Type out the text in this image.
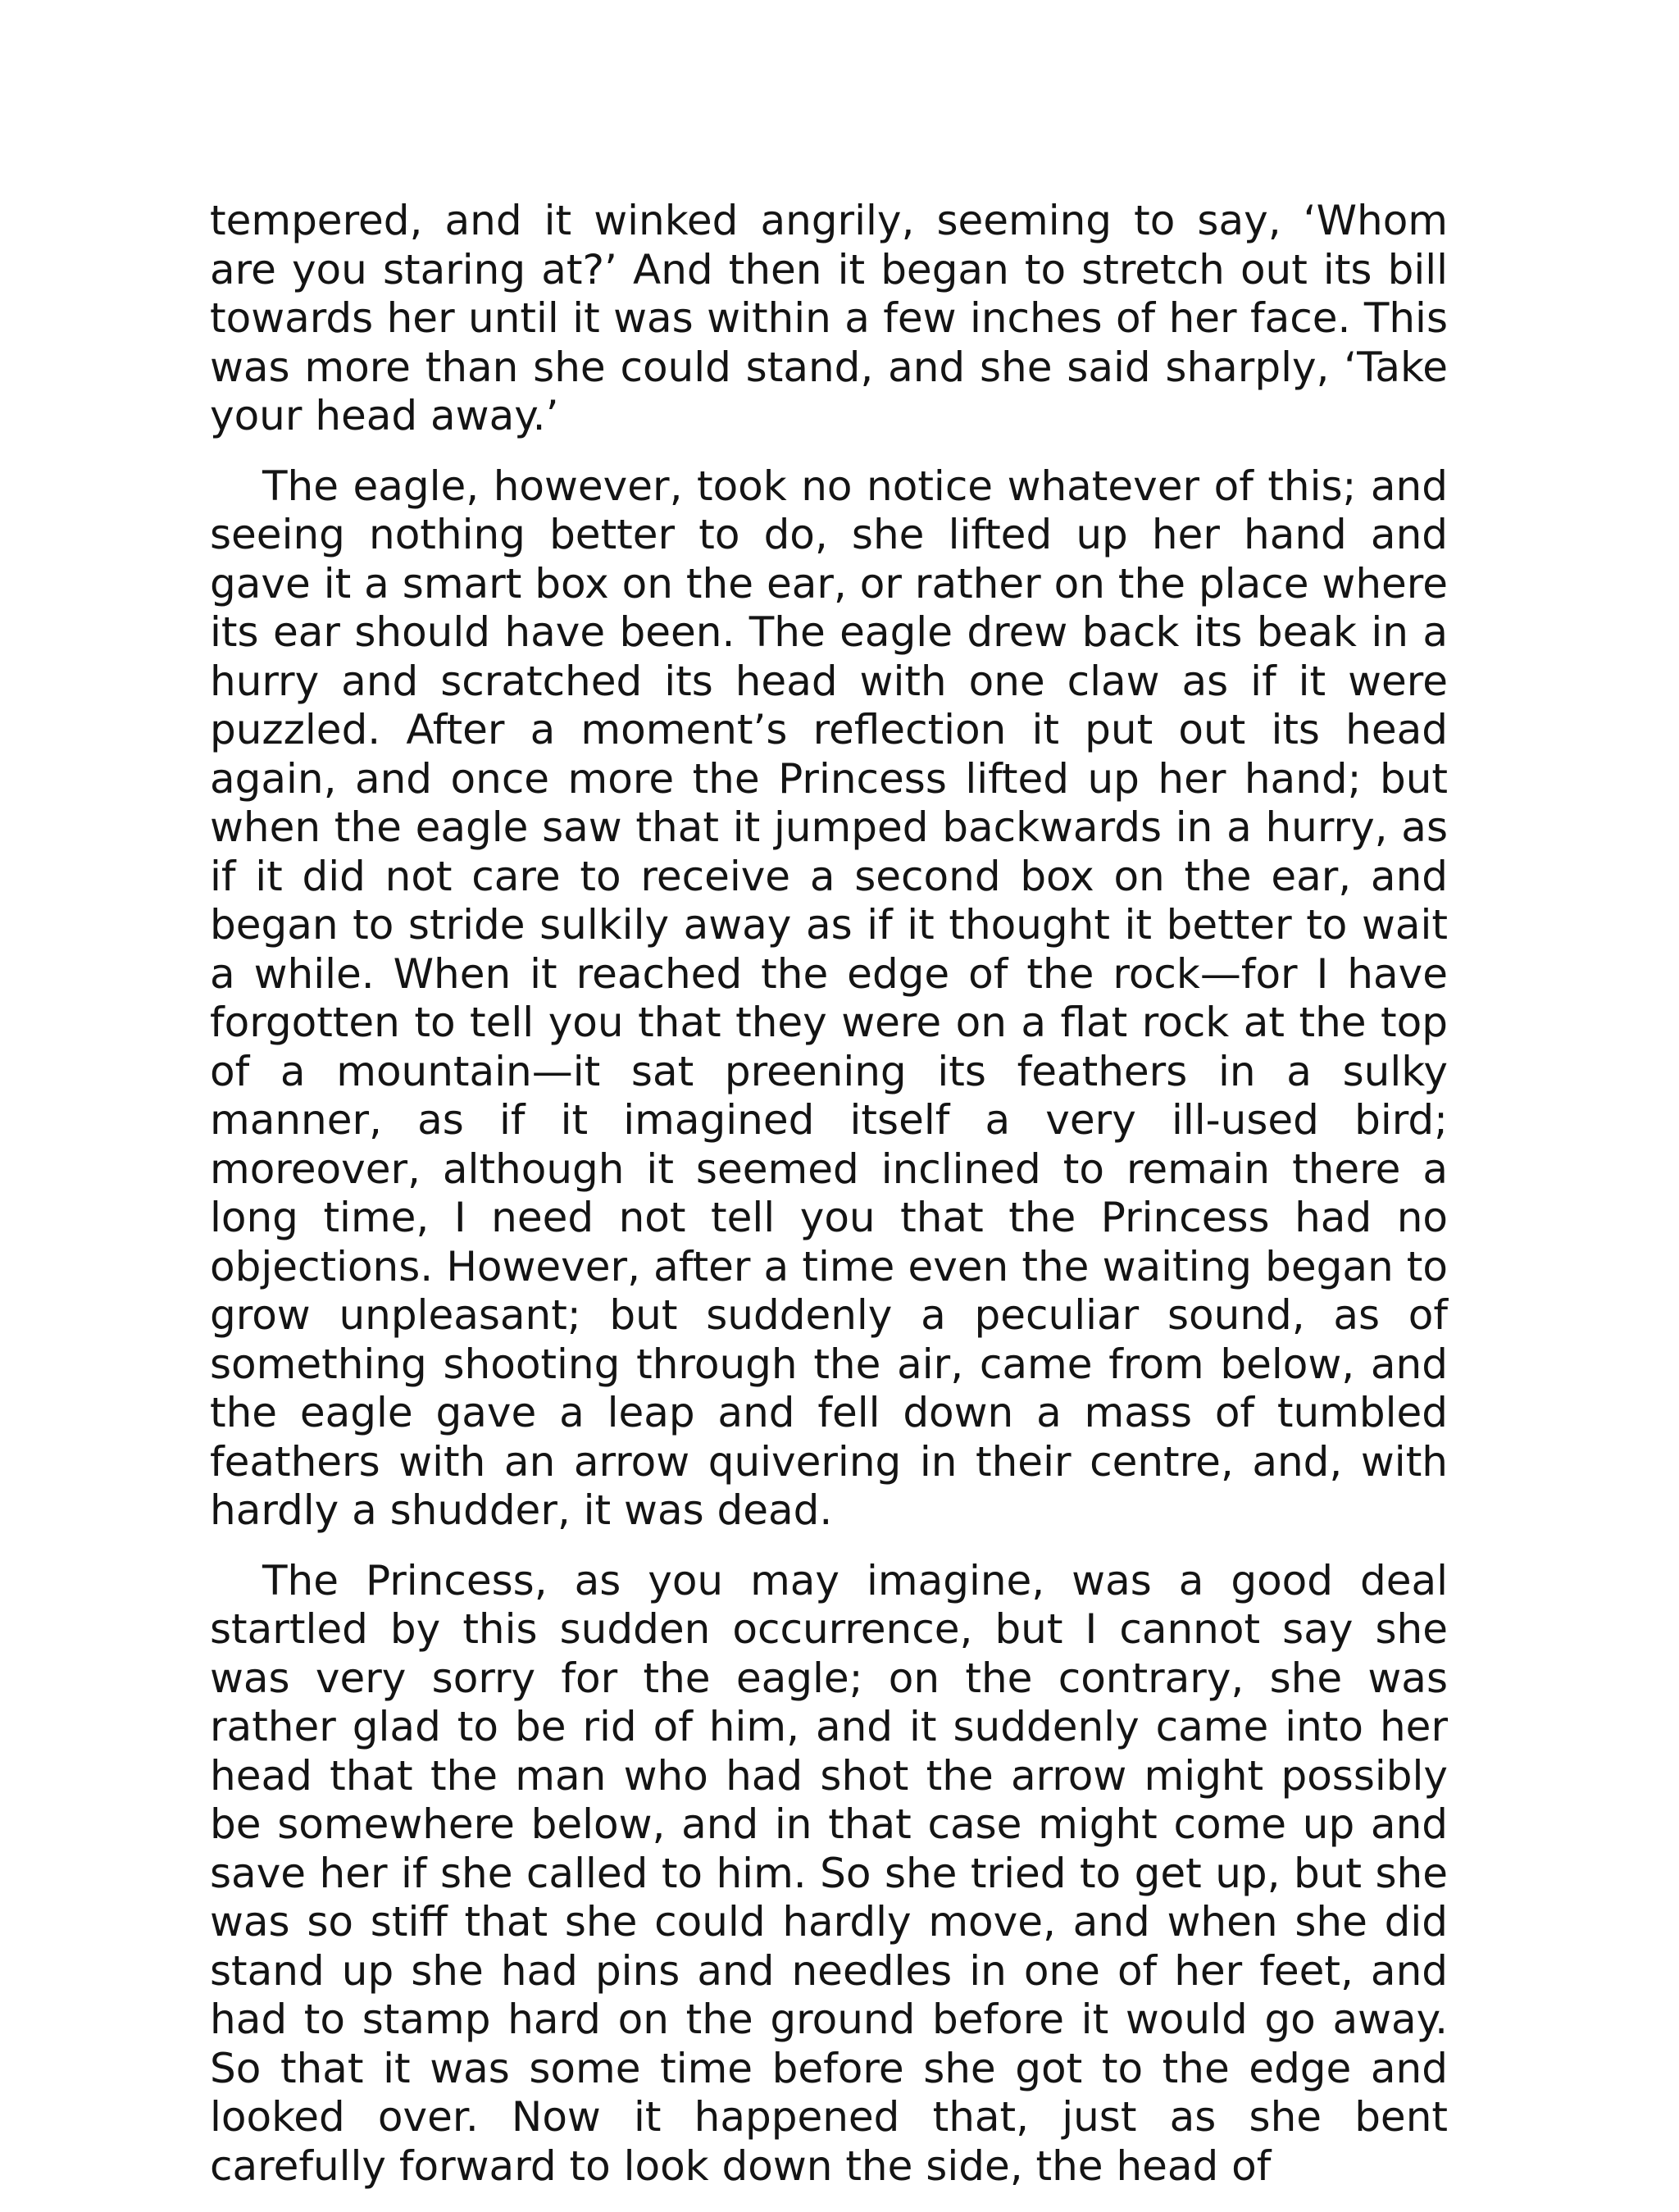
tempered, and it winked angrily, seeming to say, ‘Whom are you staring at?’ And then it began to stretch out its bill towards her until it was within a few inches of her face. This was more than she could stand, and she said sharply, ‘Take your head away.’

The eagle, however, took no notice whatever of this; and seeing nothing better to do, she lifted up her hand and gave it a smart box on the ear, or rather on the place where its ear should have been. The eagle drew back its beak in a hurry and scratched its head with one claw as if it were puzzled. After a moment’s reflection it put out its head again, and once more the Princess lifted up her hand; but when the eagle saw that it jumped backwards in a hurry, as if it did not care to receive a second box on the ear, and began to stride sulkily away as if it thought it better to wait a while. When it reached the edge of the rock—for I have forgotten to tell you that they were on a flat rock at the top of a mountain—it sat preening its feathers in a sulky manner, as if it imagined itself a very ill-used bird; moreover, although it seemed inclined to remain there a long time, I need not tell you that the Princess had no objections. However, after a time even the waiting began to grow unpleasant; but suddenly a peculiar sound, as of something shooting through the air, came from below, and the eagle gave a leap and fell down a mass of tumbled feathers with an arrow quivering in their centre, and, with hardly a shudder, it was dead.

The Princess, as you may imagine, was a good deal startled by this sudden occurrence, but I cannot say she was very sorry for the eagle; on the contrary, she was rather glad to be rid of him, and it suddenly came into her head that the man who had shot the arrow might possibly be somewhere below, and in that case might come up and save her if she called to him. So she tried to get up, but she was so stiff that she could hardly move, and when she did stand up she had pins and needles in one of her feet, and had to stamp hard on the ground before it would go away. So that it was some time before she got to the edge and looked over. Now it happened that, just as she bent carefully forward to look down the side, the head of
